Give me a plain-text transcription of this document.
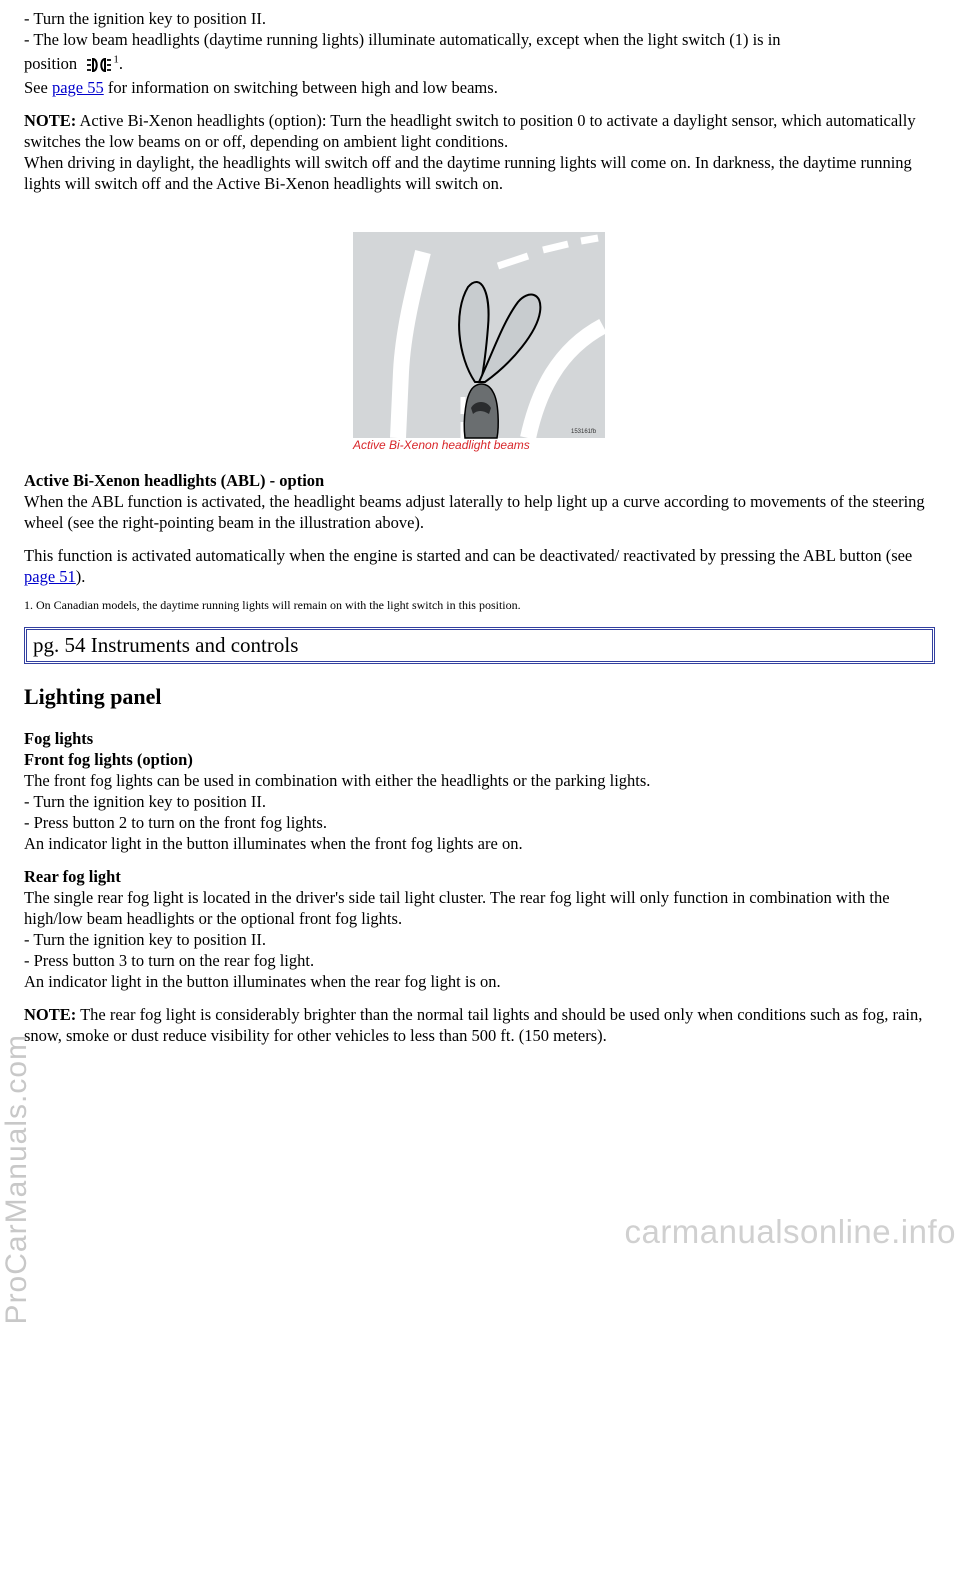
- Turn the ignition key to position II.

- The low beam headlights (daytime running lights) illuminate automatically, except when the light switch (1) is in

position	$^1$.

See page 55 for information on switching between high and low beams.

NOTE: Active Bi-Xenon headlights (option): Turn the headlight switch to position 0 to activate a daylight sensor, which automatically switches the low beams on or off, depending on ambient light conditions.

When driving in daylight, the headlights will switch off and the daytime running lights will come on. In darkness, the daytime running lights will switch off and the Active Bi-Xenon headlights will switch on.

153161fb
Active Bi-Xenon headlight beams

Active Bi-Xenon headlights (ABL) - option

When the ABL function is activated, the headlight beams adjust laterally to help light up a curve according to movements of the steering wheel (see the right-pointing beam in the illustration above).

This function is activated automatically when the engine is started and can be deactivated/ reactivated by pressing the ABL button (see page 51).

1. On Canadian models, the daytime running lights will remain on with the light switch in this position.

pg. 54 Instruments and controls
Lighting panel

Fog lights

Front fog lights (option)

The front fog lights can be used in combination with either the headlights or the parking lights.

- Turn the ignition key to position II.

- Press button 2 to turn on the front fog lights.

An indicator light in the button illuminates when the front fog lights are on.

Rear fog light

The single rear fog light is located in the driver's side tail light cluster. The rear fog light will only function in combination with the high/low beam headlights or the optional front fog lights.

- Turn the ignition key to position II.

- Press button 3 to turn on the rear fog light.

An indicator light in the button illuminates when the rear fog light is on.

NOTE: The rear fog light is considerably brighter than the normal tail lights and should be used only when conditions such as fog, rain, snow, smoke or dust reduce visibility for other vehicles to less than 500 ft. (150 meters).

ProCarManuals.com	carmanualsonline.info
